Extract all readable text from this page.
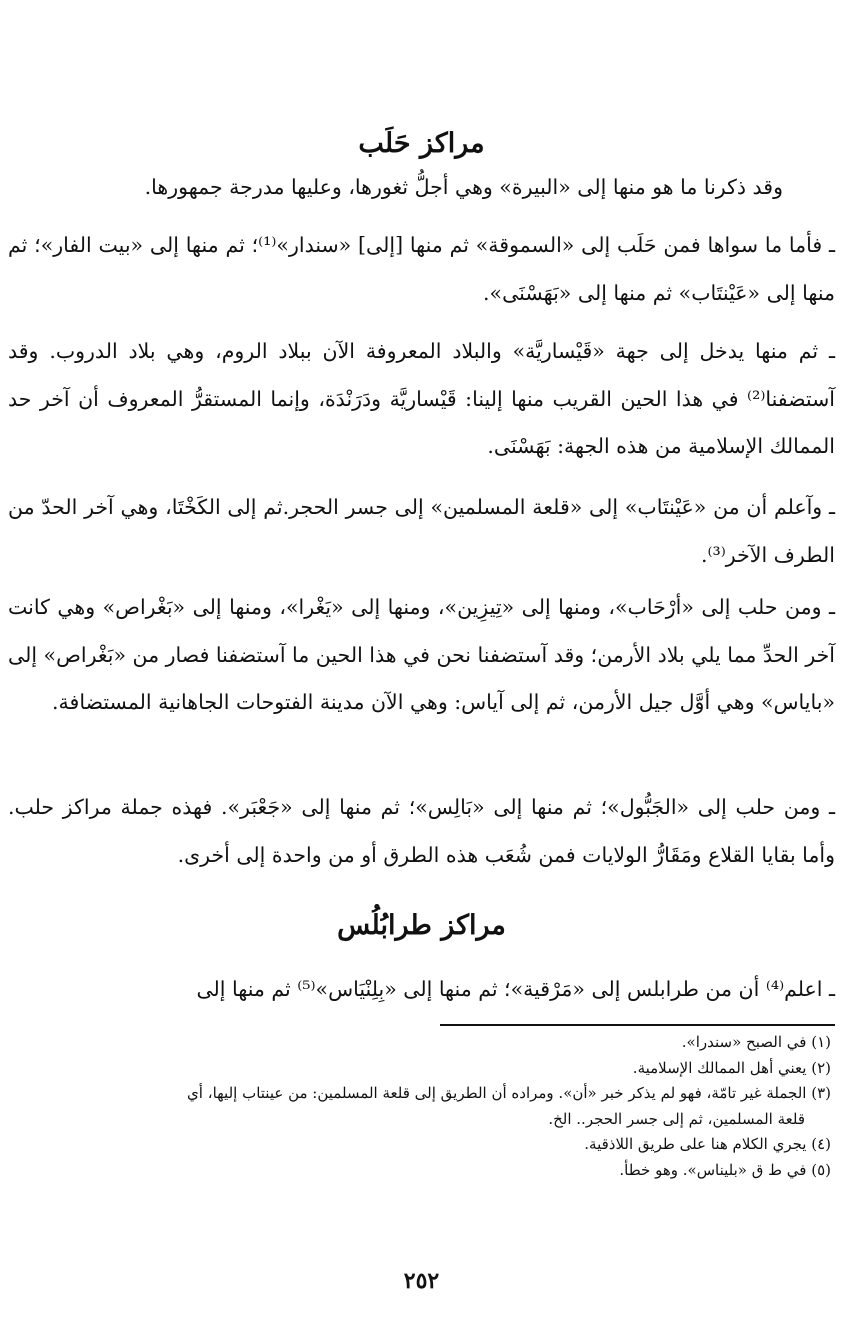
مراكز حَلَب

وقد ذكرنا ما هو منها إلى «البيرة» وهي أجلُّ ثغورها، وعليها مدرجة جمهورها.

ـ فأما ما سواها فمن حَلَب إلى «السموقة» ثم منها [إلى] «سندار»⁽¹⁾؛ ثم منها إلى «بيت الفار»؛ ثم منها إلى «عَيْنتَاب» ثم منها إلى «بَهَسْنَى».

ـ ثم منها يدخل إلى جهة «قَيْساريَّة» والبلاد المعروفة الآن ببلاد الروم، وهي بلاد الدروب. وقد آستضفنا⁽²⁾ في هذا الحين القريب منها إلينا: قَيْساريَّة ودَرَنْدَة، وإنما المستقرُّ المعروف أن آخر حد الممالك الإسلامية من هذه الجهة: بَهَسْنَى.

ـ وآعلم أن من «عَيْنتَاب» إلى «قلعة المسلمين» إلى جسر الحجر.ثم إلى الكَخْتَا، وهي آخر الحدّ من الطرف الآخر⁽³⁾.

ـ ومن حلب إلى «أرْحَاب»، ومنها إلى «تِيزِين»، ومنها إلى «يَغْرا»، ومنها إلى «بَغْراص» وهي كانت آخر الحدِّ مما يلي بلاد الأرمن؛ وقد آستضفنا نحن في هذا الحين ما آستضفنا فصار من «بَغْراص» إلى «باياس» وهي أوَّل جيل الأرمن، ثم إلى آياس: وهي الآن مدينة الفتوحات الجاهانية المستضافة.

ـ ومن حلب إلى «الجَبُّول»؛ ثم منها إلى «بَالِس»؛ ثم منها إلى «جَعْبَر». فهذه جملة مراكز حلب. وأما بقايا القلاع ومَقَارُّ الولايات فمن شُعَب هذه الطرق أو من واحدة إلى أخرى.

مراكز طرابُلُس

ـ اعلم⁽⁴⁾ أن من طرابلس إلى «مَرْقية»؛ ثم منها إلى «بِلِنْيَاس»⁽⁵⁾ ثم منها إلى

(١) في الصبح «سندرا».

(٢) يعني أهل الممالك الإسلامية.

(٣) الجملة غير تامّة، فهو لم يذكر خبر «أن». ومراده أن الطريق إلى قلعة المسلمين: من عينتاب إليها، أي

قلعة المسلمين، ثم إلى جسر الحجر.. الخ.

(٤) يجري الكلام هنا على طريق اللاذقية.

(٥) في ط ق «بليناس». وهو خطأ.

٢٥٢
